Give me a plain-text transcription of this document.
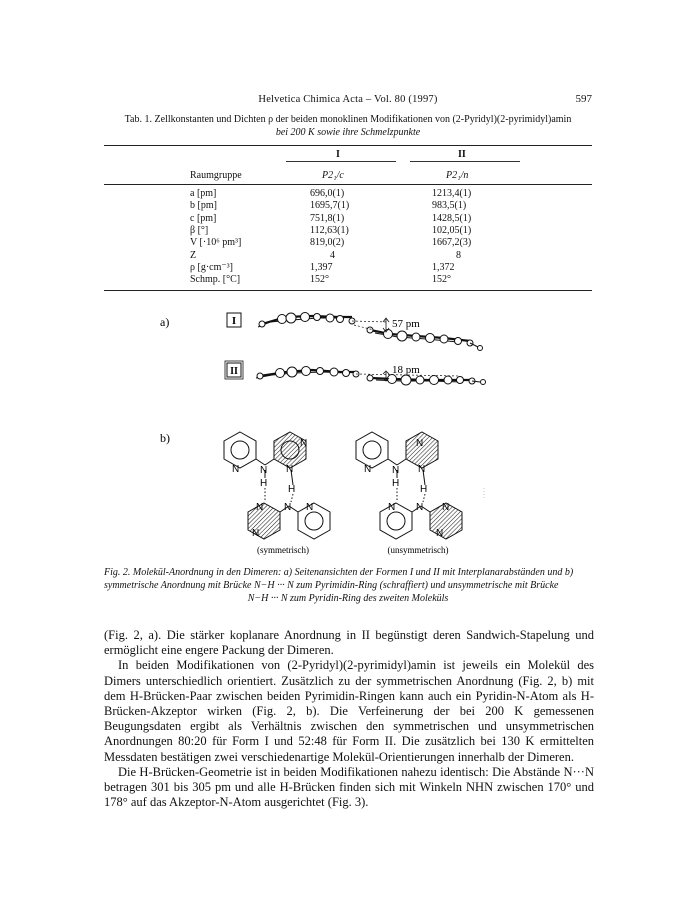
Helvetica Chimica Acta – Vol. 80 (1997)	597
Tab. 1. Zellkonstanten und Dichten ρ der beiden monoklinen Modifikationen von (2-Pyridyl)(2-pyrimidyl)amin
bei 200 K sowie ihre Schmelzpunkte
I	II
Raumgruppe	P2₁/c	P2₁/n
a [pm]	696,0(1)	1213,4(1)
b [pm]	1695,7(1)	983,5(1)
c [pm]	751,8(1)	1428,5(1)
β [°]	112,63(1)	102,05(1)
V [·10⁶ pm³]	819,0(2)	1667,2(3)
Z	4	8
ρ [g·cm⁻³]	1,397	1,372
Schmp. [°C]	152°	152°
a)	I
II
57 pm
18 pm
b)
N N N
N
H
H
N N N
N
N N N
N
H
H
N N N
N
(symmetrisch)	(unsymmetrisch)
Fig. 2. Molekül-Anordnung in den Dimeren: a) Seitenansichten der Formen I und II mit Interplanarabständen und b)
symmetrische Anordnung mit Brücke N−H ··· N zum Pyrimidin-Ring (schraffiert) und unsymmetrische mit Brücke
N−H ··· N zum Pyridin-Ring des zweiten Moleküls

(Fig. 2, a). Die stärker koplanare Anordnung in II begünstigt deren Sandwich-Stapelung und ermöglicht eine engere Packung der Dimeren.

In beiden Modifikationen von (2-Pyridyl)(2-pyrimidyl)amin ist jeweils ein Molekül des Dimers unterschiedlich orientiert. Zusätzlich zu der symmetrischen Anordnung (Fig. 2, b) mit dem H-Brücken-Paar zwischen beiden Pyrimidin-Ringen kann auch ein Pyridin-N-Atom als H-Brücken-Akzeptor wirken (Fig. 2, b). Die Verfeinerung der bei 200 K gemessenen Beugungsdaten ergibt als Verhältnis zwischen den symmetrischen und unsymmetrischen Anordnungen 80:20 für Form I und 52:48 für Form II. Die zusätzlich bei 130 K ermittelten Messdaten bestätigen zwei verschiedenartige Molekül-Orientierungen innerhalb der Dimeren.

Die H-Brücken-Geometrie ist in beiden Modifikationen nahezu identisch: Die Abstände N···N betragen 301 bis 305 pm und alle H-Brücken finden sich mit Winkeln NHN zwischen 170° und 178° auf das Akzeptor-N-Atom ausgerichtet (Fig. 3).
